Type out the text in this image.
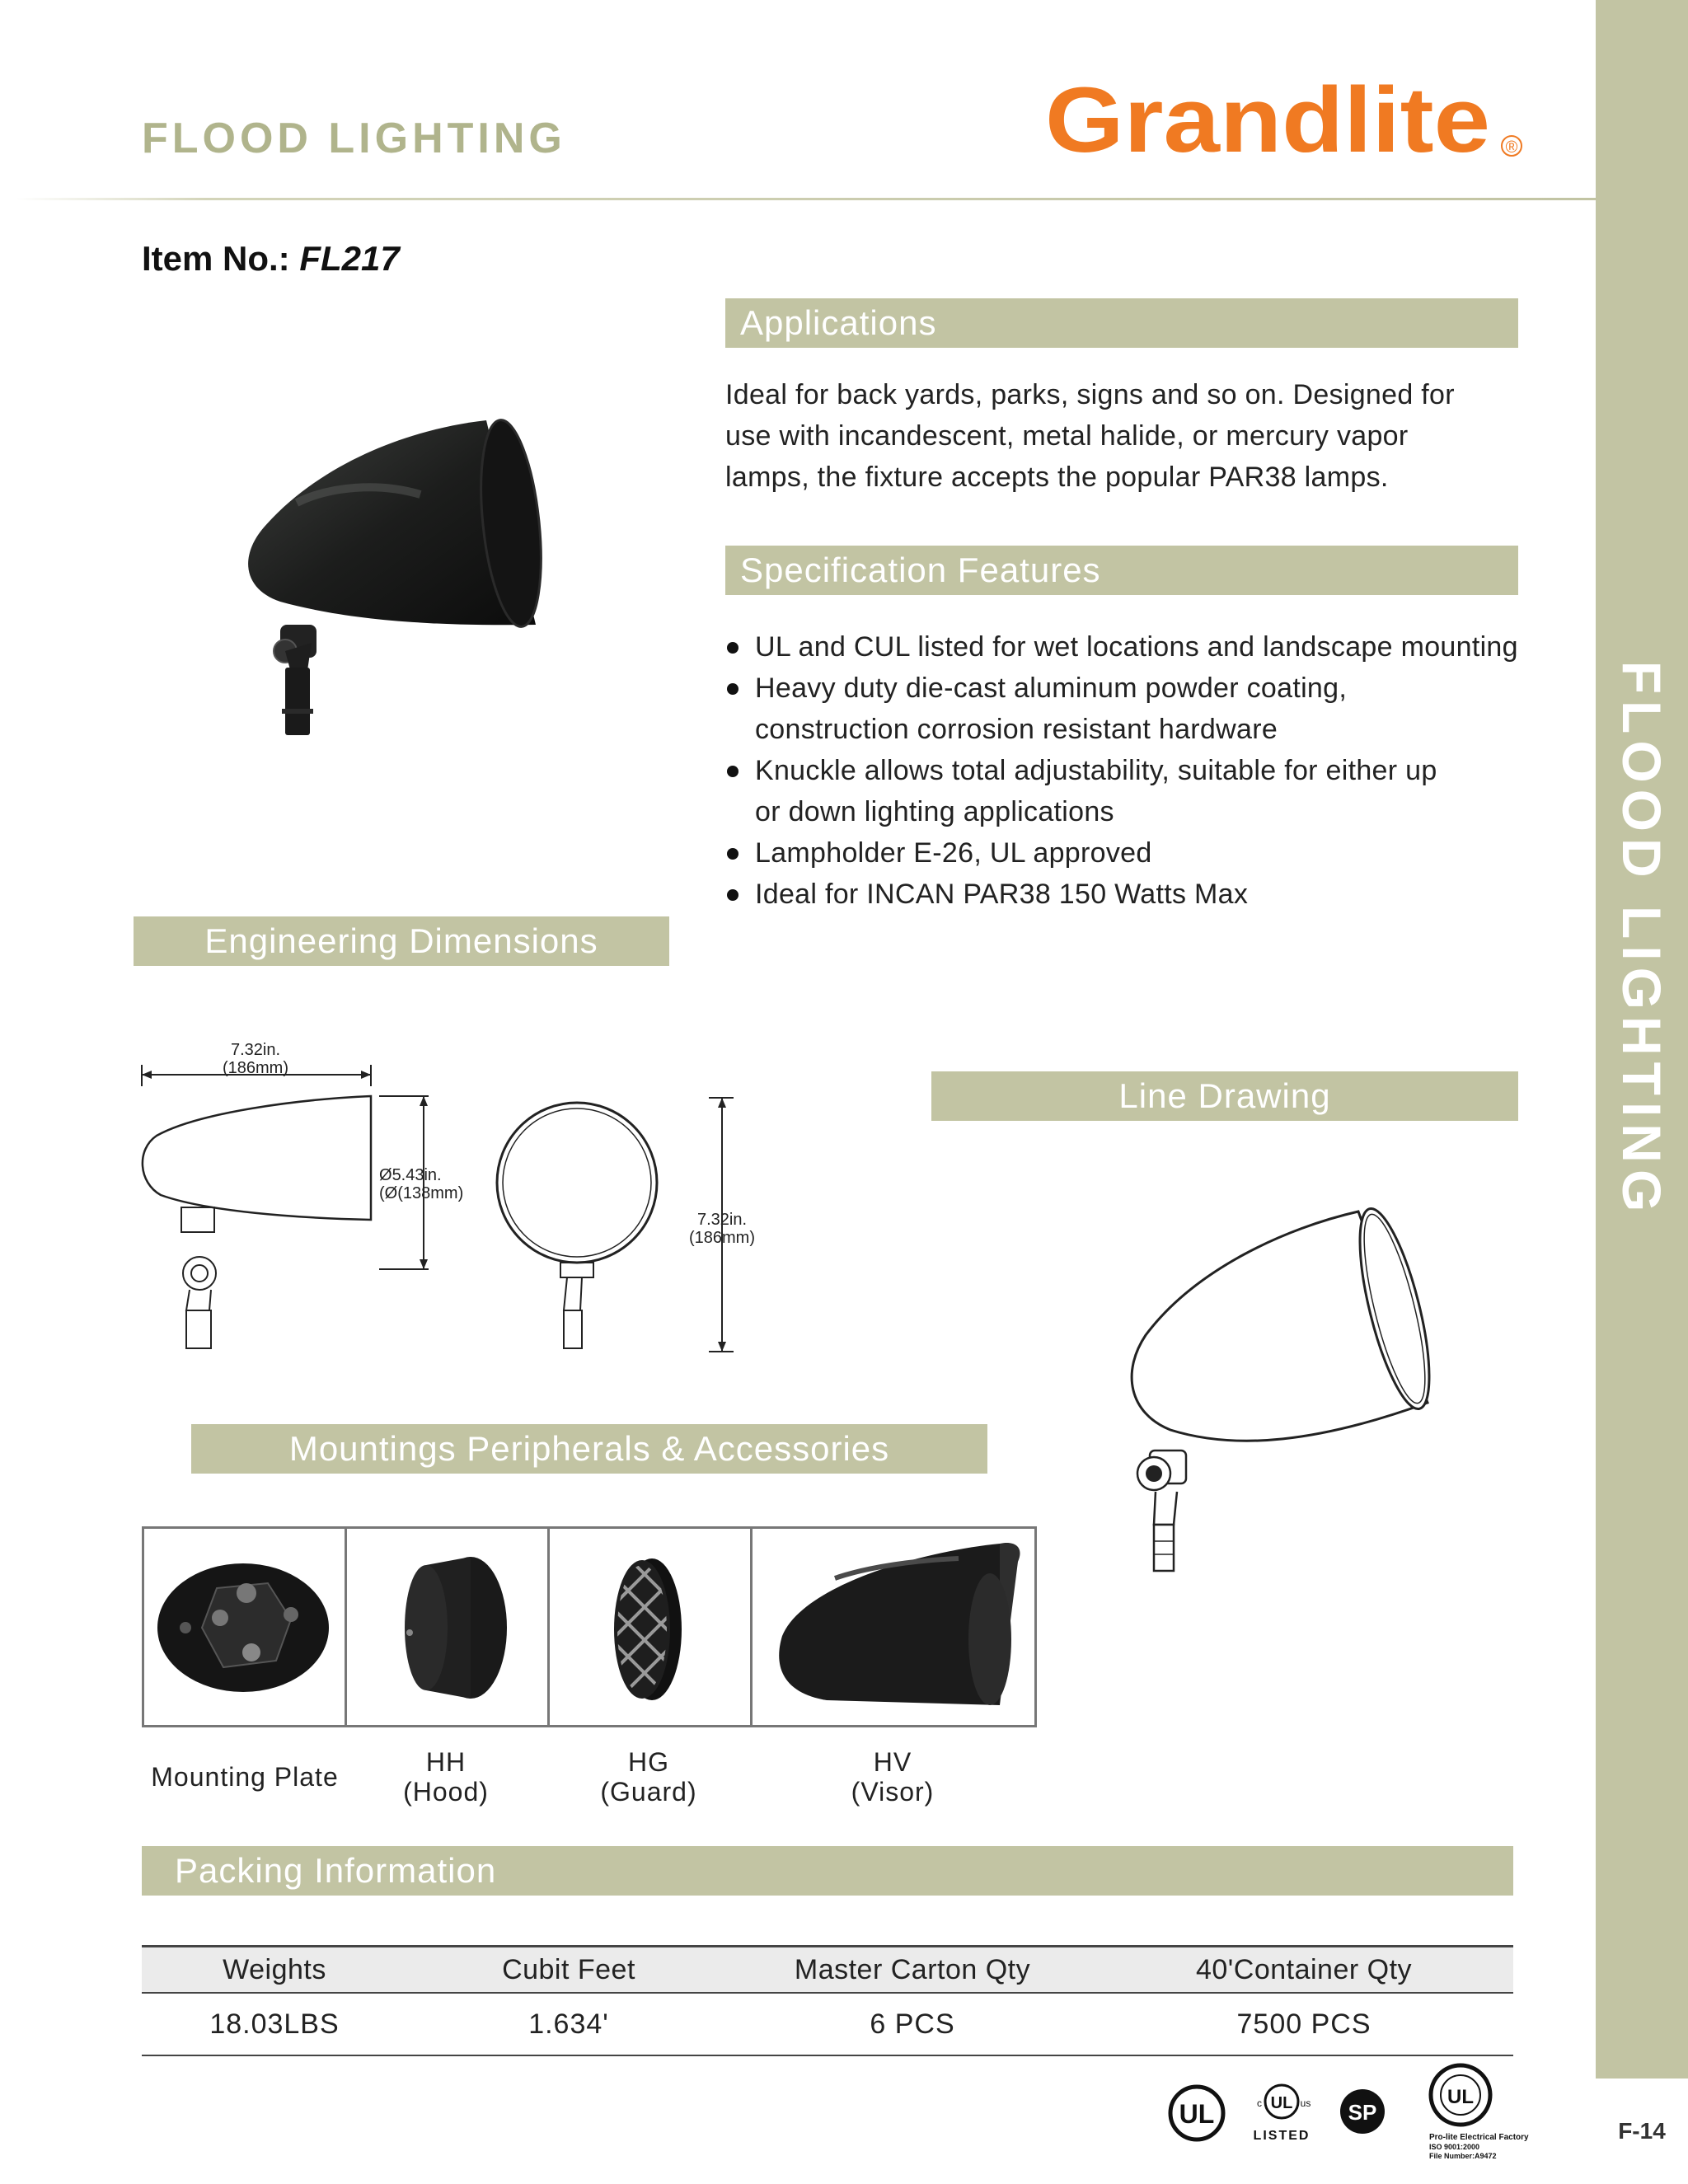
FLOOD LIGHTING
F-14
FLOOD LIGHTING	Grandlite ®
Item No.: FL217
Applications
Ideal for back yards, parks, signs and so on. Designed for
use with incandescent, metal halide, or mercury vapor
lamps, the fixture accepts the popular PAR38 lamps.
Specification Features
UL and CUL listed for wet locations and landscape mounting
Heavy duty die-cast aluminum powder coating,
construction corrosion resistant hardware
Knuckle allows total adjustability, suitable for either up
or down lighting applications
Lampholder E-26, UL approved
Ideal for INCAN PAR38 150 Watts Max
Engineering Dimensions
7.32in.
(186mm)
Ø5.43in.
(Ø(138mm)
7.32in.
(186mm)
Line Drawing
Mountings Peripherals & Accessories
Mounting Plate	HH
(Hood)
HG
(Guard)
HV
(Visor)
Packing Information
Weights	Cubit Feet	Master Carton Qty	40'Container Qty
18.03LBS	1.634'	6 PCS	7500 PCS
UL	UL
c	us
LISTED
SP
UL
Pro-lite Electrical Factory
ISO 9001:2000
File Number:A9472
